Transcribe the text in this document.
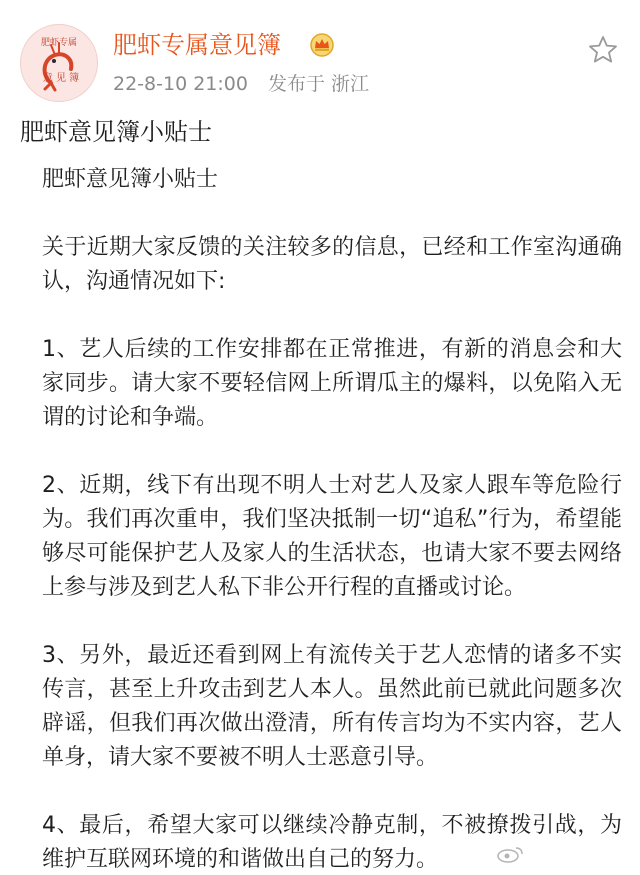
肥虾专属
意 见 簿
肥虾专属意见簿
22-8-10 21:00 发布于 浙江
肥虾意见簿小贴士

肥虾意见簿小贴士

关于近期大家反馈的关注较多的信息，已经和工作室沟通确认，沟通情况如下:

1、艺人后续的工作安排都在正常推进，有新的消息会和大家同步。请大家不要轻信网上所谓瓜主的爆料，以免陷入无谓的讨论和争端。

2、近期，线下有出现不明人士对艺人及家人跟车等危险行为。我们再次重申，我们坚决抵制一切“追私”行为，希望能够尽可能保护艺人及家人的生活状态，也请大家不要去网络上参与涉及到艺人私下非公开行程的直播或讨论。

3、另外，最近还看到网上有流传关于艺人恋情的诸多不实传言，甚至上升攻击到艺人本人。虽然此前已就此问题多次辟谣，但我们再次做出澄清，所有传言均为不实内容，艺人单身，请大家不要被不明人士恶意引导。

4、最后，希望大家可以继续冷静克制，不被撩拨引战，为维护互联网环境的和谐做出自己的努力。
